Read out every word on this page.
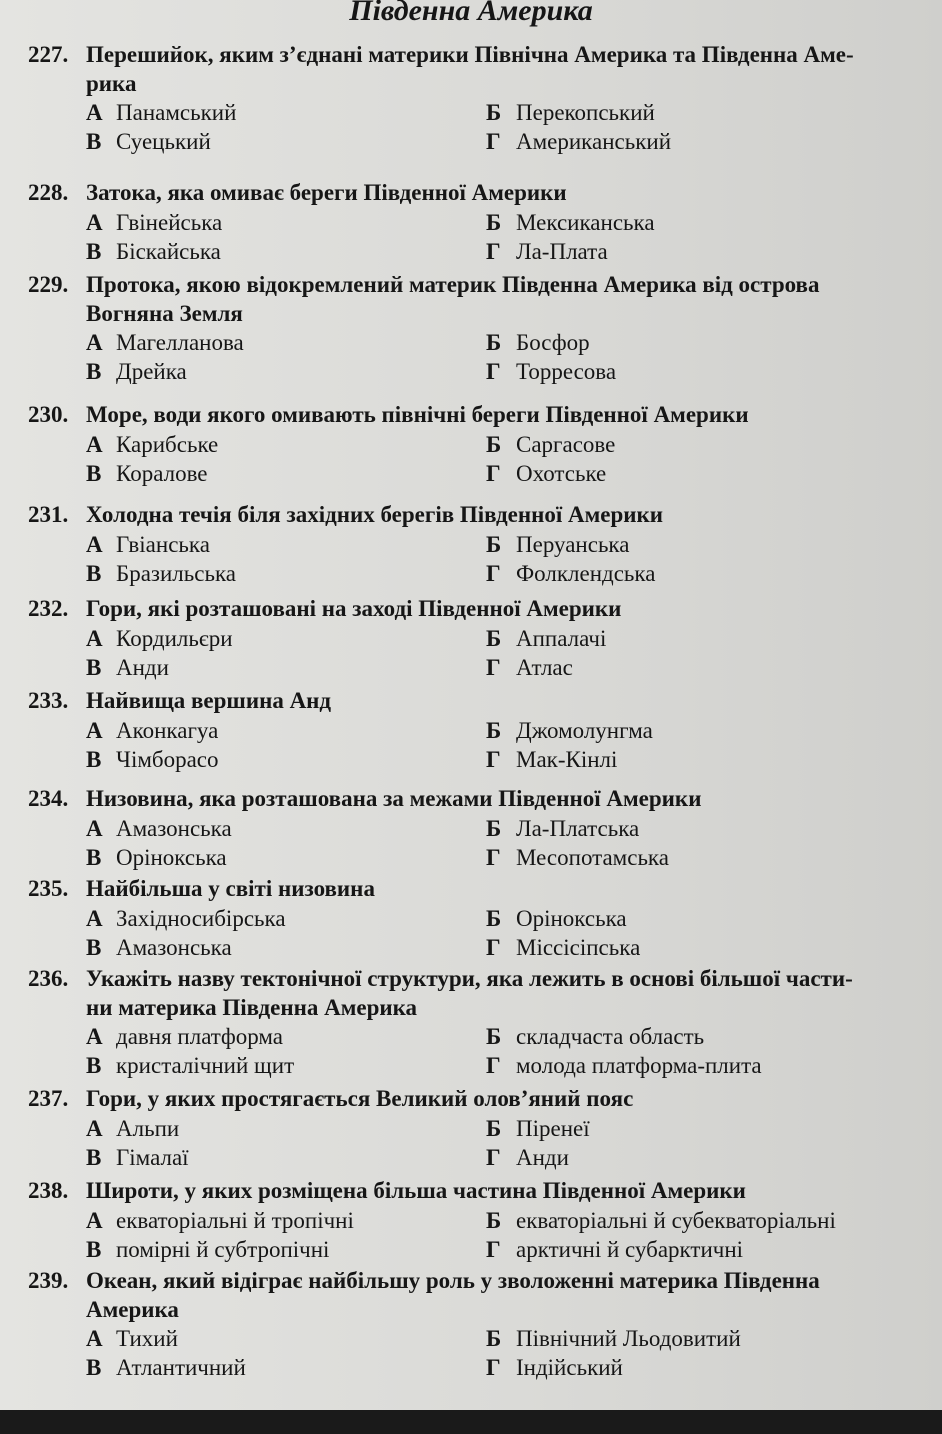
Південна Америка
227. Перешийок, яким з’єднані материки Північна Америка та Південна Аме-
рика
А Панамський	Б Перекопський
В Суецький	Г Американський
228. Затока, яка омиває береги Південної Америки
А Гвінейська	Б Мексиканська
В Біскайська	Г Ла-Плата
229. Протока, якою відокремлений материк Південна Америка від острова
Вогняна Земля
А Магелланова	Б Босфор
В Дрейка	Г Торресова
230. Море, води якого омивають північні береги Південної Америки
А Карибське	Б Саргасове
В Коралове	Г Охотське
231. Холодна течія біля західних берегів Південної Америки
А Гвіанська	Б Перуанська
В Бразильська	Г Фолклендська
232. Гори, які розташовані на заході Південної Америки
А Кордильєри	Б Аппалачі
В Анди	Г Атлас
233. Найвища вершина Анд
А Аконкагуа	Б Джомолунгма
В Чімборасо	Г Мак-Кінлі
234. Низовина, яка розташована за межами Південної Америки
А Амазонська	Б Ла-Платська
В Орінокська	Г Месопотамська
235. Найбільша у світі низовина
А Західносибірська	Б Орінокська
В Амазонська	Г Міссісіпська
236. Укажіть назву тектонічної структури, яка лежить в основі більшої части-
ни материка Південна Америка
А давня платформа	Б складчаста область
В кристалічний щит	Г молода платформа-плита
237. Гори, у яких простягається Великий олов’яний пояс
А Альпи	Б Піренеї
В Гімалаї	Г Анди
238. Широти, у яких розміщена більша частина Південної Америки
А екваторіальні й тропічні	Б екваторіальні й субекваторіальні
В помірні й субтропічні	Г арктичні й субарктичні
239. Океан, який відіграє найбільшу роль у зволоженні материка Південна
Америка
А Тихий	Б Північний Льодовитий
В Атлантичний	Г Індійський
